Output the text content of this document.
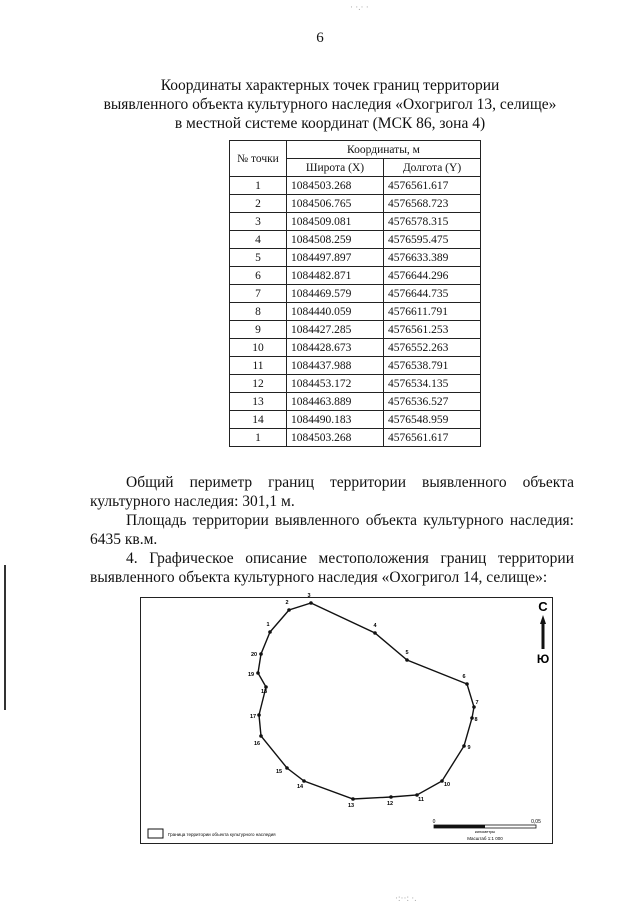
· ·.· ·
6
Координаты характерных точек границ территории
выявленного объекта культурного наследия «Охогригол 13, селище»
в местной системе координат (МСК 86, зона 4)
№ точки	Координаты, м	
	Широта (X)	Долгота (Y)
1	1084503.268	4576561.617
2	1084506.765	4576568.723
3	1084509.081	4576578.315
4	1084508.259	4576595.475
5	1084497.897	4576633.389
6	1084482.871	4576644.296
7	1084469.579	4576644.735
8	1084440.059	4576611.791
9	1084427.285	4576561.253
10	1084428.673	4576552.263
11	1084437.988	4576538.791
12	1084453.172	4576534.135
13	1084463.889	4576536.527
14	1084490.183	4576548.959
1	1084503.268	4576561.617
Общий периметр границ территории выявленного объекта
культурного наследия: 301,1 м.
Площадь территории выявленного объекта культурного наследия:
6435 кв.м.
4. Графическое описание местоположения границ территории
выявленного объекта культурного наследия «Охогригол 14, селище»:
1
2
3
4
5
6
7
8
9
10
11
12
13
14
15
16
17
18
19
20
С
Ю
Граница территории объекта культурного наследия
0	0,05
километры
Масштаб 1:1 000
·:··: ·.
